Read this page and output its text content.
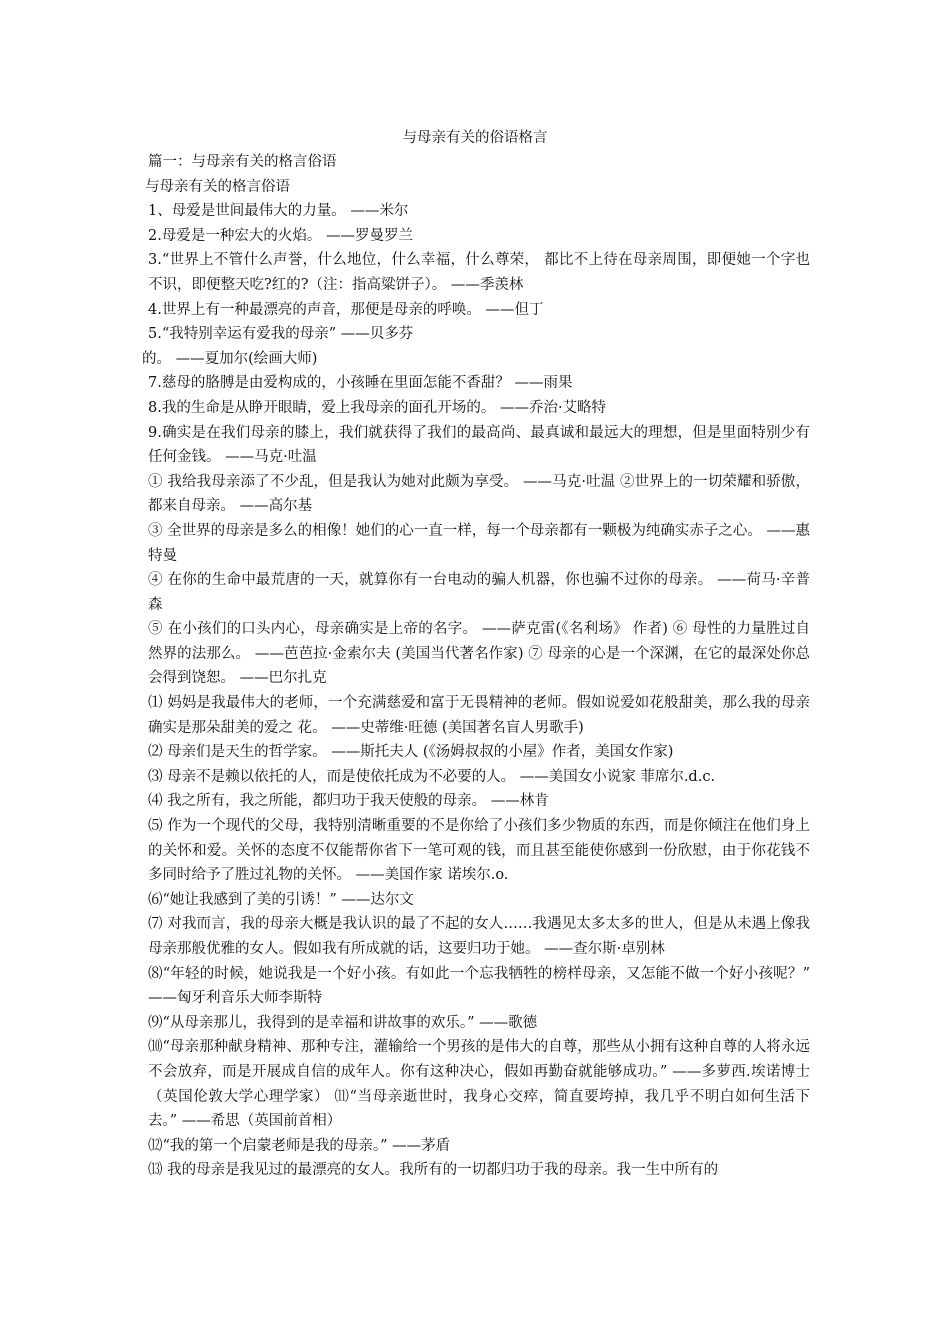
与母亲有关的俗语格言

篇一：与母亲有关的格言俗语

与母亲有关的格言俗语

1、母爱是世间最伟大的力量。 ——米尔

2.母爱是一种宏大的火焰。 ——罗曼罗兰

3.“世界上不管什么声誉，什么地位，什么幸福，什么尊荣， 都比不上待在母亲周围，即便她一个字也不识，即便整天吃?红的?（注：指高粱饼子）。 ——季羡林

4.世界上有一种最漂亮的声音，那便是母亲的呼唤。 ——但丁

5.“我特别幸运有爱我的母亲” ——贝多芬

的。 ——夏加尔(绘画大师)

7.慈母的胳膊是由爱构成的，小孩睡在里面怎能不香甜？ ——雨果

8.我的生命是从睁开眼睛，爱上我母亲的面孔开场的。 ——乔治·艾略特

9.确实是在我们母亲的膝上，我们就获得了我们的最高尚、最真诚和最远大的理想，但是里面特别少有任何金钱。 ——马克·吐温

① 我给我母亲添了不少乱，但是我认为她对此颇为享受。 ——马克·吐温 ②世界上的一切荣耀和骄傲，都来自母亲。 ——高尔基

③ 全世界的母亲是多么的相像！她们的心一直一样，每一个母亲都有一颗极为纯确实赤子之心。 ——惠特曼

④ 在你的生命中最荒唐的一天，就算你有一台电动的骗人机器，你也骗不过你的母亲。 ——荷马·辛普森

⑤ 在小孩们的口头内心，母亲确实是上帝的名字。 ——萨克雷(《名利场》 作者) ⑥ 母性的力量胜过自然界的法那么。 ——芭芭拉·金索尔夫 (美国当代著名作家) ⑦ 母亲的心是一个深渊，在它的最深处你总会得到饶恕。 ——巴尔扎克

⑴ 妈妈是我最伟大的老师，一个充满慈爱和富于无畏精神的老师。假如说爱如花般甜美，那么我的母亲确实是那朵甜美的爱之 花。 ——史蒂维·旺德 (美国著名盲人男歌手)

⑵ 母亲们是天生的哲学家。 ——斯托夫人 (《汤姆叔叔的小屋》作者，美国女作家)

⑶ 母亲不是赖以依托的人，而是使依托成为不必要的人。 ——美国女小说家 菲席尔.d.c.

⑷ 我之所有，我之所能，都归功于我天使般的母亲。 ——林肯

⑸ 作为一个现代的父母，我特别清晰重要的不是你给了小孩们多少物质的东西，而是你倾注在他们身上的关怀和爱。关怀的态度不仅能帮你省下一笔可观的钱，而且甚至能使你感到一份欣慰，由于你花钱不多同时给予了胜过礼物的关怀。 ——美国作家 诺埃尔.o.

⑹“她让我感到了美的引诱！” ——达尔文

⑺ 对我而言，我的母亲大概是我认识的最了不起的女人……我遇见太多太多的世人，但是从未遇上像我母亲那般优雅的女人。假如我有所成就的话，这要归功于她。 ——查尔斯·卓别林

⑻“年轻的时候，她说我是一个好小孩。有如此一个忘我牺牲的榜样母亲，又怎能不做一个好小孩呢？” ——匈牙利音乐大师李斯特

⑼“从母亲那儿，我得到的是幸福和讲故事的欢乐。” ——歌德

⑽“母亲那种献身精神、那种专注，灌输给一个男孩的是伟大的自尊，那些从小拥有这种自尊的人将永远不会放弃，而是开展成自信的成年人。你有这种决心，假如再勤奋就能够成功。” ——多萝西.埃诺博士 （英国伦敦大学心理学家） ⑾“当母亲逝世时，我身心交瘁，简直要垮掉，我几乎不明白如何生活下去。” ——希思（英国前首相）

⑿“我的第一个启蒙老师是我的母亲。” ——茅盾

⒀ 我的母亲是我见过的最漂亮的女人。我所有的一切都归功于我的母亲。我一生中所有的
